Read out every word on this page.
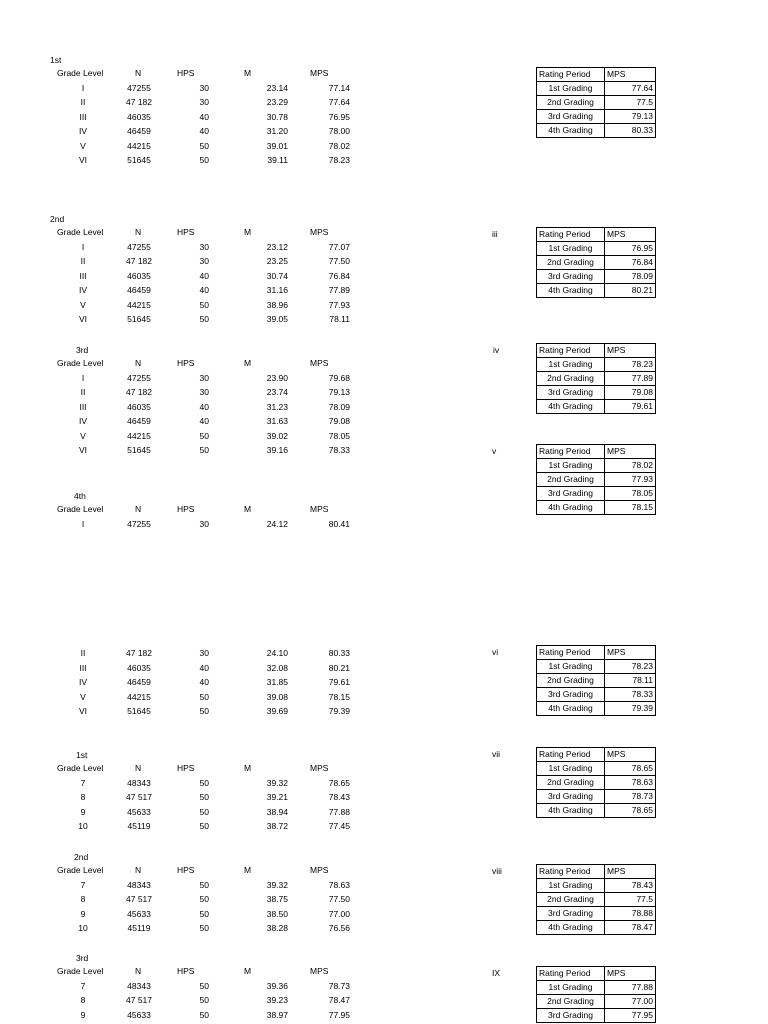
1st
Grade Level	N	HPS	M	MPS
I	47255	30	23.14	77.14
II	47 182	30	23.29	77.64
III	46035	40	30.78	76.95
IV	46459	40	31.20	78.00
V	44215	50	39.01	78.02
VI	51645	50	39.11	78.23
2nd
Grade Level	N	HPS	M	MPS
I	47255	30	23.12	77.07
II	47 182	30	23.25	77.50
III	46035	40	30.74	76.84
IV	46459	40	31.16	77.89
V	44215	50	38.96	77.93
VI	51645	50	39.05	78.11
3rd
Grade Level	N	HPS	M	MPS
I	47255	30	23.90	79.68
II	47 182	30	23.74	79.13
III	46035	40	31.23	78.09
IV	46459	40	31.63	79.08
V	44215	50	39.02	78.05
VI	51645	50	39.16	78.33
4th
Grade Level	N	HPS	M	MPS
I	47255	30	24.12	80.41
II	47 182	30	24.10	80.33
III	46035	40	32.08	80.21
IV	46459	40	31.85	79.61
V	44215	50	39.08	78.15
VI	51645	50	39.69	79.39
1st
Grade Level	N	HPS	M	MPS
7	48343	50	39.32	78.65
8	47 517	50	39.21	78.43
9	45633	50	38.94	77.88
10	45119	50	38.72	77.45
2nd
Grade Level	N	HPS	M	MPS
7	48343	50	39.32	78.63
8	47 517	50	38.75	77.50
9	45633	50	38.50	77.00
10	45119	50	38.28	76.56
3rd
Grade Level	N	HPS	M	MPS
7	48343	50	39.36	78.73
8	47 517	50	39.23	78.47
9	45633	50	38.97	77.95
Rating Period	MPS
1st Grading	77.64
2nd Grading	77.5
3rd Grading	79.13
4th Grading	80.33
iii	Rating Period	MPS
1st Grading	76.95
2nd Grading	76.84
3rd Grading	78.09
4th Grading	80.21
iv	Rating Period	MPS
1st Grading	78.23
2nd Grading	77.89
3rd Grading	79.08
4th Grading	79.61
v	Rating Period	MPS
1st Grading	78.02
2nd Grading	77.93
3rd Grading	78.05
4th Grading	78.15
vi	Rating Period	MPS
1st Grading	78.23
2nd Grading	78.11
3rd Grading	78.33
4th Grading	79.39
vii	Rating Period	MPS
1st Grading	78.65
2nd Grading	78.63
3rd Grading	78.73
4th Grading	78.65
viii	Rating Period	MPS
1st Grading	78.43
2nd Grading	77.5
3rd Grading	78.88
4th Grading	78.47
IX	Rating Period	MPS
1st Grading	77.88
2nd Grading	77.00
3rd Grading	77.95
